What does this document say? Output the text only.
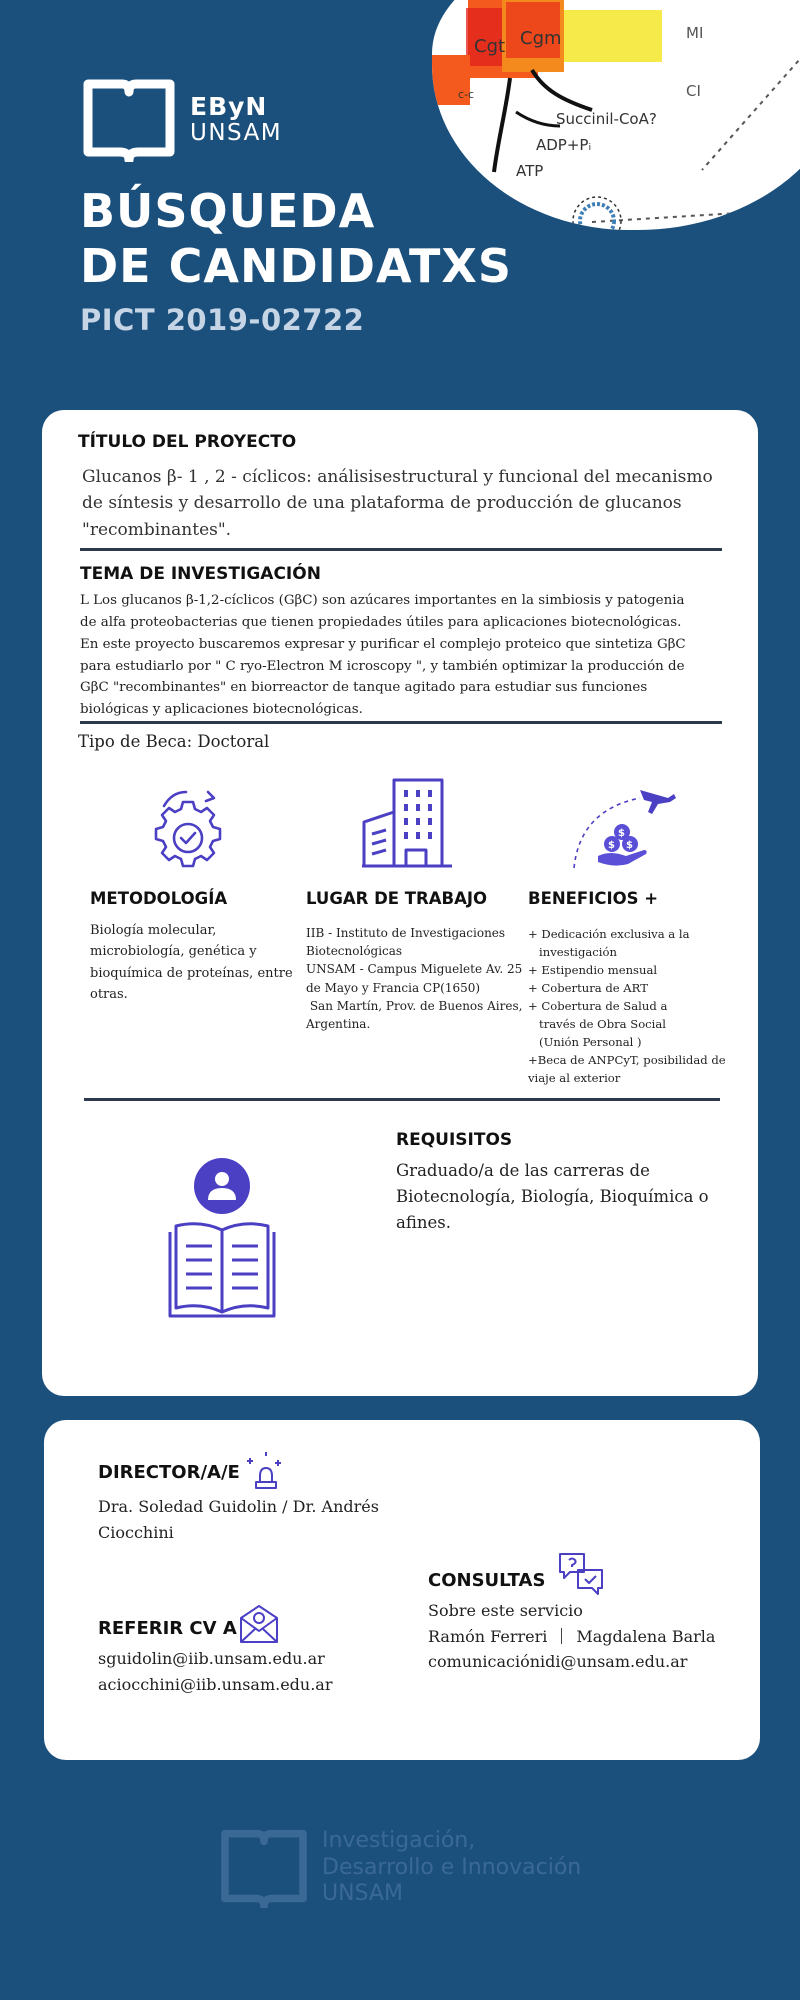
Cgt Cgm
c-c
MI
CI
Succinil-CoA?
ADP+Pᵢ
ATP
EByN
UNSAM
BÚSQUEDA
DE CANDIDATXS
PICT 2019-02722
TÍTULO DEL PROYECTO
Glucanos β- 1 , 2 - cíclicos: análisisestructural y funcional del mecanismo de síntesis y desarrollo de una plataforma de producción de glucanos "recombinantes".
TEMA DE INVESTIGACIÓN
L Los glucanos β-1,2-cíclicos (GβC) son azúcares importantes en la simbiosis y patogenia
de alfa proteobacterias que tienen propiedades útiles para aplicaciones biotecnológicas.
En este proyecto buscaremos expresar y purificar el complejo proteico que sintetiza GβC
para estudiarlo por " C ryo-Electron M icroscopy ", y también optimizar la producción de
GβC "recombinantes" en biorreactor de tanque agitado para estudiar sus funciones
biológicas y aplicaciones biotecnológicas.
Tipo de Beca: Doctoral
$
$ $
METODOLOGÍA
Biología molecular,
microbiología, genética y
bioquímica de proteínas, entre
otras.
LUGAR DE TRABAJO
IIB - Instituto de Investigaciones
Biotecnológicas
UNSAM - Campus Miguelete Av. 25
de Mayo y Francia CP(1650)
San Martín, Prov. de Buenos Aires,
Argentina.
BENEFICIOS +
+ Dedicación exclusiva a la
investigación
+ Estipendio mensual
+ Cobertura de ART
+ Cobertura de Salud a
través de Obra Social
(Unión Personal )
+Beca de ANPCyT, posibilidad de
viaje al exterior
REQUISITOS
Graduado/a de las carreras de Biotecnología, Biología, Bioquímica o afines.
DIRECTOR/A/E
Dra. Soledad Guidolin / Dr. Andrés
Ciocchini
REFERIR CV A
sguidolin@iib.unsam.edu.ar
aciocchini@iib.unsam.edu.ar
CONSULTAS
Sobre este servicio
Ramón Ferreri Magdalena Barla
comunicaciónidi@unsam.edu.ar
Investigación,
Desarrollo e Innovación
UNSAM
